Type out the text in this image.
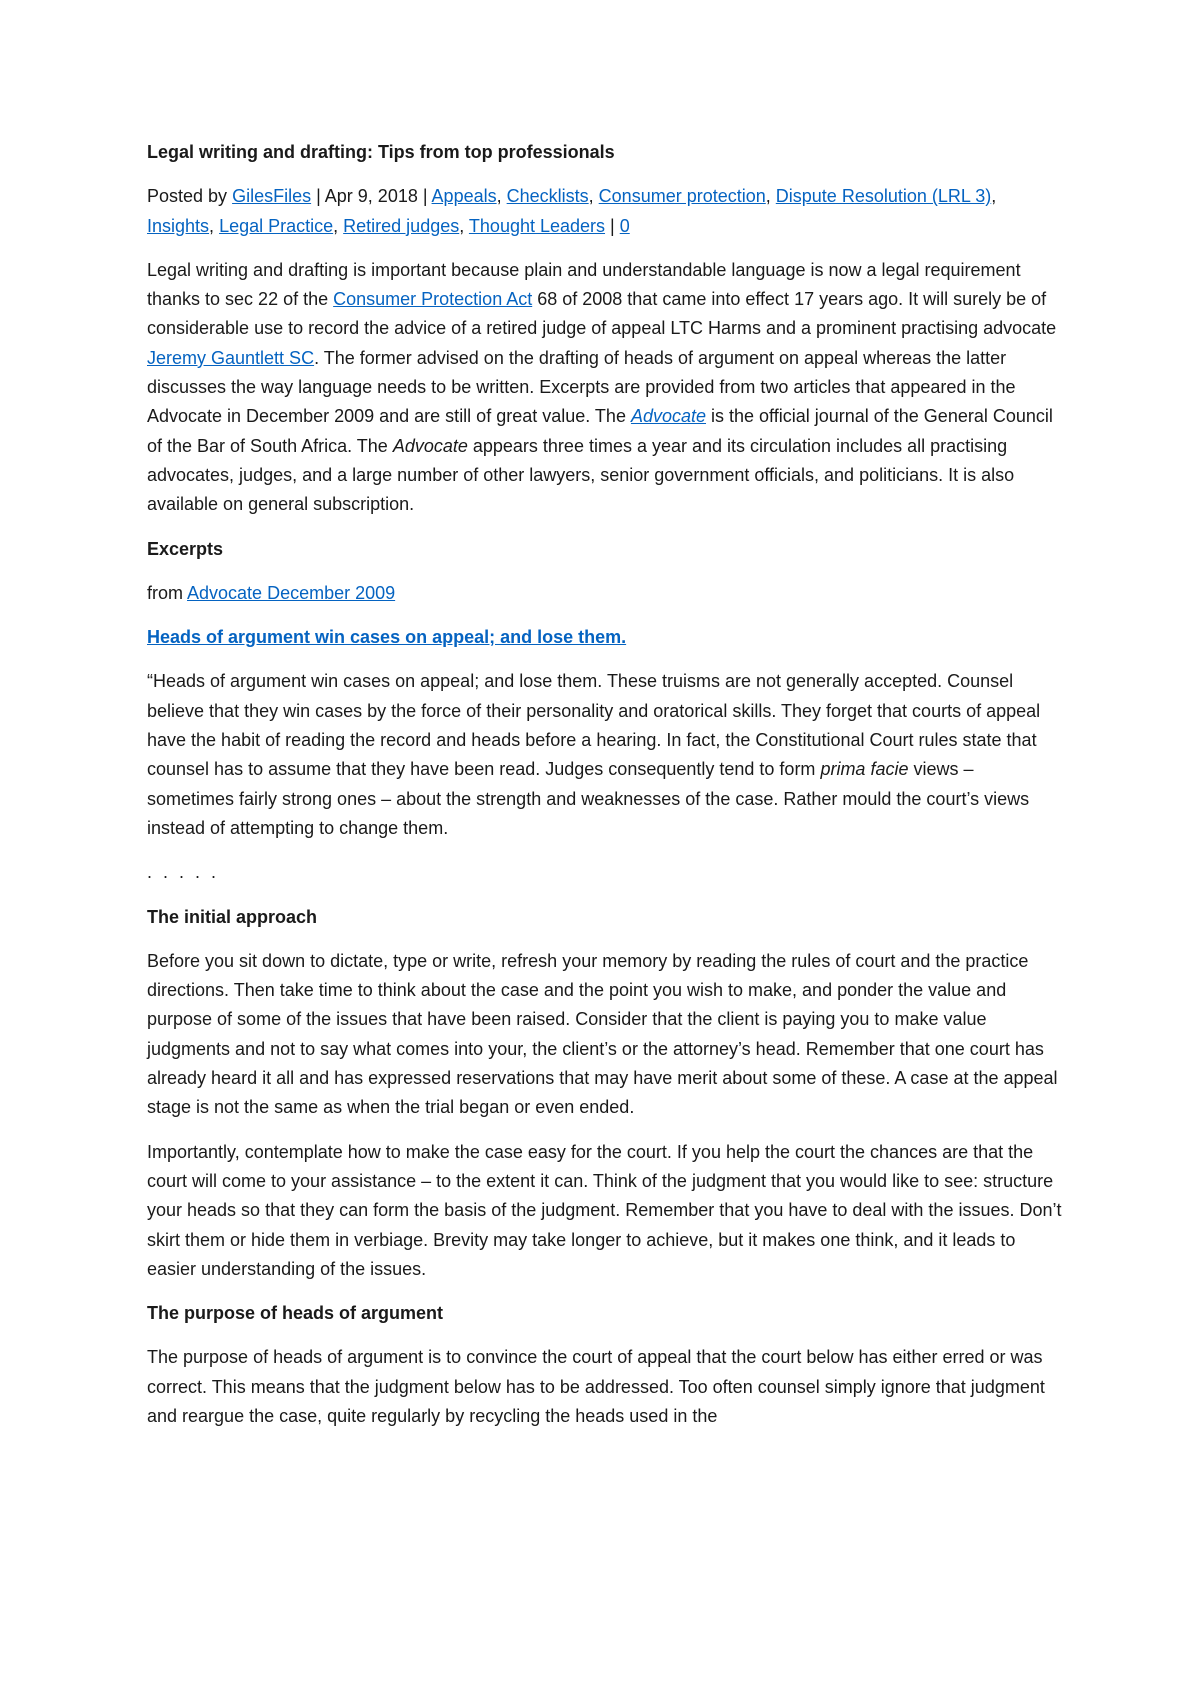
Legal writing and drafting: Tips from top professionals

Posted by GilesFiles | Apr 9, 2018 | Appeals, Checklists, Consumer protection, Dispute Resolution (LRL 3), Insights, Legal Practice, Retired judges, Thought Leaders | 0

Legal writing and drafting is important because plain and understandable language is now a legal requirement thanks to sec 22 of the Consumer Protection Act 68 of 2008 that came into effect 17 years ago. It will surely be of considerable use to record the advice of a retired judge of appeal LTC Harms and a prominent practising advocate Jeremy Gauntlett SC. The former advised on the drafting of heads of argument on appeal whereas the latter discusses the way language needs to be written. Excerpts are provided from two articles that appeared in the Advocate in December 2009 and are still of great value. The Advocate is the official journal of the General Council of the Bar of South Africa. The Advocate appears three times a year and its circulation includes all practising advocates, judges, and a large number of other lawyers, senior government officials, and politicians. It is also available on general subscription.

Excerpts

from Advocate December 2009

Heads of argument win cases on appeal; and lose them.

“Heads of argument win cases on appeal; and lose them. These truisms are not generally accepted. Counsel believe that they win cases by the force of their personality and oratorical skills. They forget that courts of appeal have the habit of reading the record and heads before a hearing. In fact, the Constitutional Court rules state that counsel has to assume that they have been read. Judges consequently tend to form prima facie views – sometimes fairly strong ones – about the strength and weaknesses of the case. Rather mould the court’s views instead of attempting to change them.

. . . . .

The initial approach

Before you sit down to dictate, type or write, refresh your memory by reading the rules of court and the practice directions. Then take time to think about the case and the point you wish to make, and ponder the value and purpose of some of the issues that have been raised. Consider that the client is paying you to make value judgments and not to say what comes into your, the client’s or the attorney’s head. Remember that one court has already heard it all and has expressed reservations that may have merit about some of these. A case at the appeal stage is not the same as when the trial began or even ended.

Importantly, contemplate how to make the case easy for the court. If you help the court the chances are that the court will come to your assistance – to the extent it can. Think of the judgment that you would like to see: structure your heads so that they can form the basis of the judgment. Remember that you have to deal with the issues. Don’t skirt them or hide them in verbiage. Brevity may take longer to achieve, but it makes one think, and it leads to easier understanding of the issues.

The purpose of heads of argument

The purpose of heads of argument is to convince the court of appeal that the court below has either erred or was correct. This means that the judgment below has to be addressed. Too often counsel simply ignore that judgment and reargue the case, quite regularly by recycling the heads used in the
